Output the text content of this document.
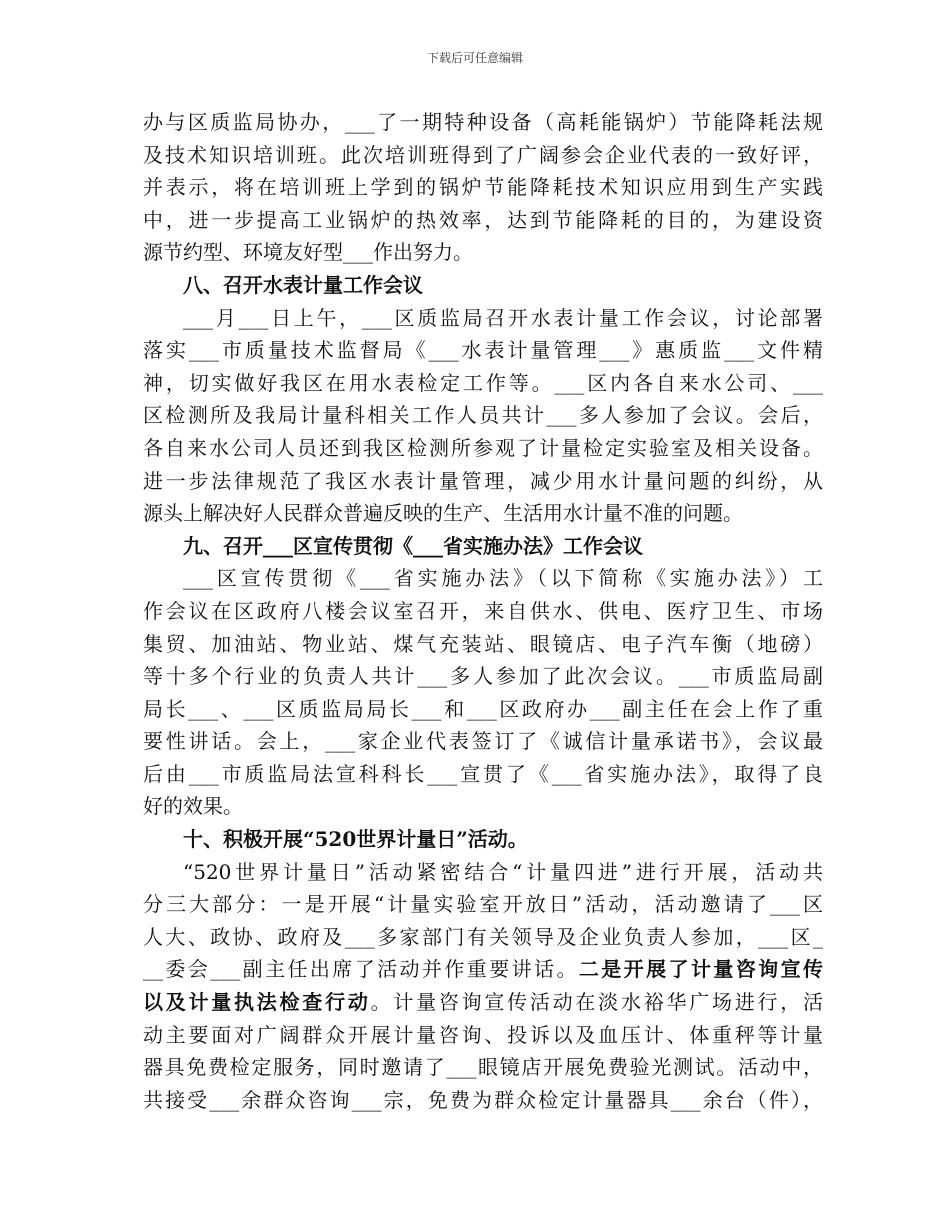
下载后可任意编辑
办与区质监局协办，___了一期特种设备（高耗能锅炉）节能降耗法规
及技术知识培训班。此次培训班得到了广阔参会企业代表的一致好评，
并表示，将在培训班上学到的锅炉节能降耗技术知识应用到生产实践
中，进一步提高工业锅炉的热效率，达到节能降耗的目的，为建设资
源节约型、环境友好型___作出努力。
八、召开水表计量工作会议
___月___日上午，___区质监局召开水表计量工作会议，讨论部署
落实___市质量技术监督局《___水表计量管理___》惠质监___文件精
神，切实做好我区在用水表检定工作等。___区内各自来水公司、___
区检测所及我局计量科相关工作人员共计___多人参加了会议。会后，
各自来水公司人员还到我区检测所参观了计量检定实验室及相关设备。
进一步法律规范了我区水表计量管理，减少用水计量问题的纠纷，从
源头上解决好人民群众普遍反映的生产、生活用水计量不准的问题。
九、召开___区宣传贯彻《___省实施办法》工作会议
___区宣传贯彻《___省实施办法》（以下简称《实施办法》）工
作会议在区政府八楼会议室召开，来自供水、供电、医疗卫生、市场
集贸、加油站、物业站、煤气充装站、眼镜店、电子汽车衡（地磅）
等十多个行业的负责人共计___多人参加了此次会议。___市质监局副
局长___、___区质监局局长___和___区政府办___副主任在会上作了重
要性讲话。会上，___家企业代表签订了《诚信计量承诺书》，会议最
后由___市质监局法宣科科长___宣贯了《___省实施办法》，取得了良
好的效果。
十、积极开展“520世界计量日”活动。
“520世界计量日”活动紧密结合“计量四进”进行开展，活动共
分三大部分：一是开展“计量实验室开放日”活动，活动邀请了___区
人大、政协、政府及___多家部门有关领导及企业负责人参加，___区_
__委会___副主任出席了活动并作重要讲话。二是开展了计量咨询宣传
以及计量执法检查行动。计量咨询宣传活动在淡水裕华广场进行，活
动主要面对广阔群众开展计量咨询、投诉以及血压计、体重秤等计量
器具免费检定服务，同时邀请了___眼镜店开展免费验光测试。活动中，
共接受___余群众咨询___宗，免费为群众检定计量器具___余台（件），
